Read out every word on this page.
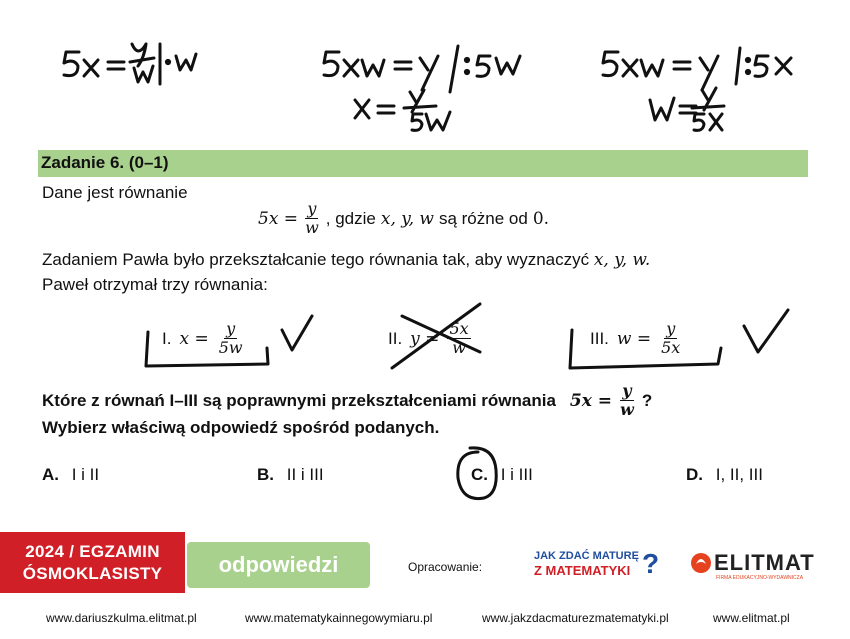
Zadanie 6. (0–1)
Dane jest równanie
$5x = \frac{y}{w}$ , gdzie x, y, w są różne od 0.
Zadaniem Pawła było przekształcanie tego równania tak, aby wyznaczyć x, y, w.
Paweł otrzymał trzy równania:
I. $x = \frac{y}{5w}$	II. $y = \frac{5x}{w}$	III. $w = \frac{y}{5x}$
Które z równań I–III są poprawnymi przekształceniami równania $5x = \frac{y}{w}$ ?
Wybierz właściwą odpowiedź spośród podanych.
A. I i II	B. II i III	C. I i III	D. I, II, III
2024 / EGZAMIN
ÓSMOKLASISTY	odpowiedzi	Opracowanie:
JAK ZDAĆ MATURĘ
Z MATEMATYKI ? ELITMAT
FIRMA EDUKACYJNO-WYDAWNICZA
www.dariuszkulma.elitmat.pl	www.matematykainnegowymiaru.pl	www.jakzdacmaturezmatematyki.pl	www.elitmat.pl
